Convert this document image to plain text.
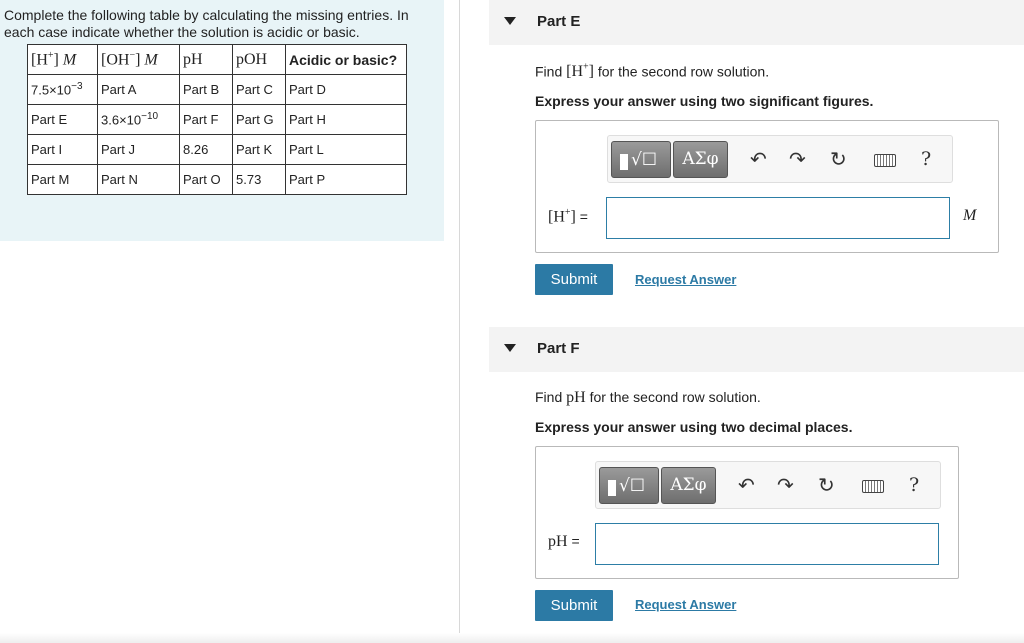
Complete the following table by calculating the missing entries. In each case indicate whether the solution is acidic or basic.
[H+] M	[OH−] M	pH	pOH	Acidic or basic?
$7.5\times 10^{-3}$	Part A	Part B	Part C	Part D
Part E	$3.6\times 10^{-10}$	Part F	Part G	Part H
Part I	Part J	8.26	Part K	Part L
Part M	Part N	Part O	5.73	Part P
Part E
Find [H+] for the second row solution.
Express your answer using two significant figures.
√☐	ΑΣφ	↶ ↷ ↻	?
[H+] =	M
Submit	Request Answer
Part F
Find pH for the second row solution.
Express your answer using two decimal places.
√☐	ΑΣφ	↶ ↷ ↻	?
pH =
Submit	Request Answer
